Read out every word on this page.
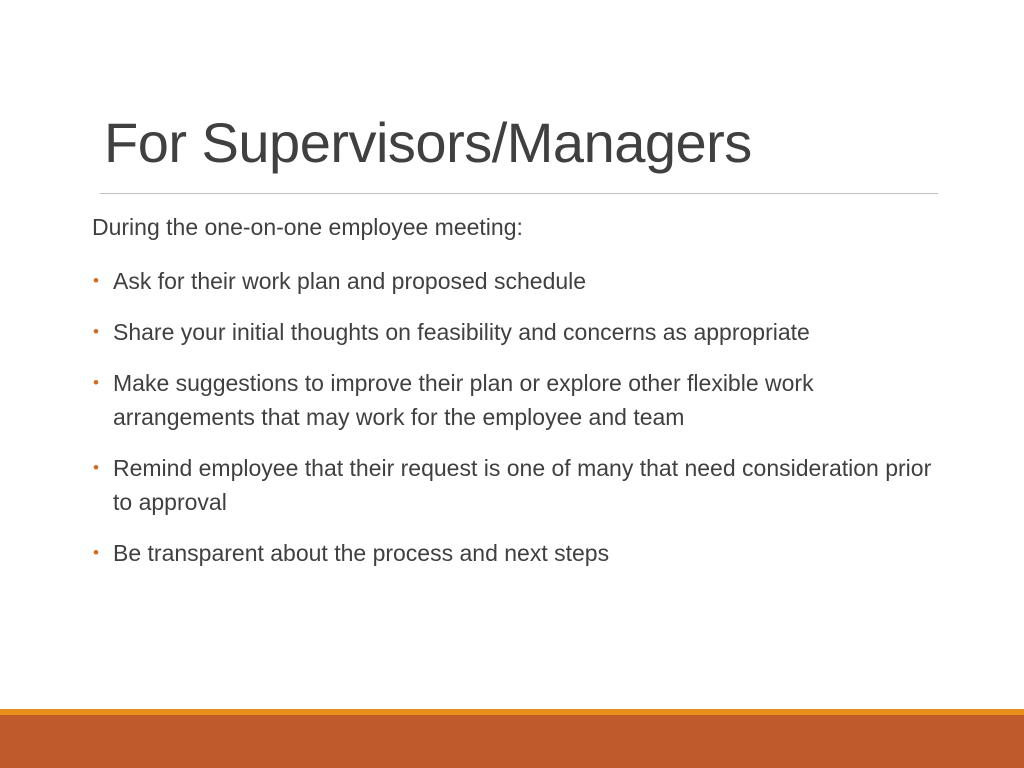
For Supervisors/Managers
During the one-on-one employee meeting:
• Ask for their work plan and proposed schedule
• Share your initial thoughts on feasibility and concerns as appropriate
• Make suggestions to improve their plan or explore other flexible work arrangements that may work for the employee and team
• Remind employee that their request is one of many that need consideration prior to approval
• Be transparent about the process and next steps
